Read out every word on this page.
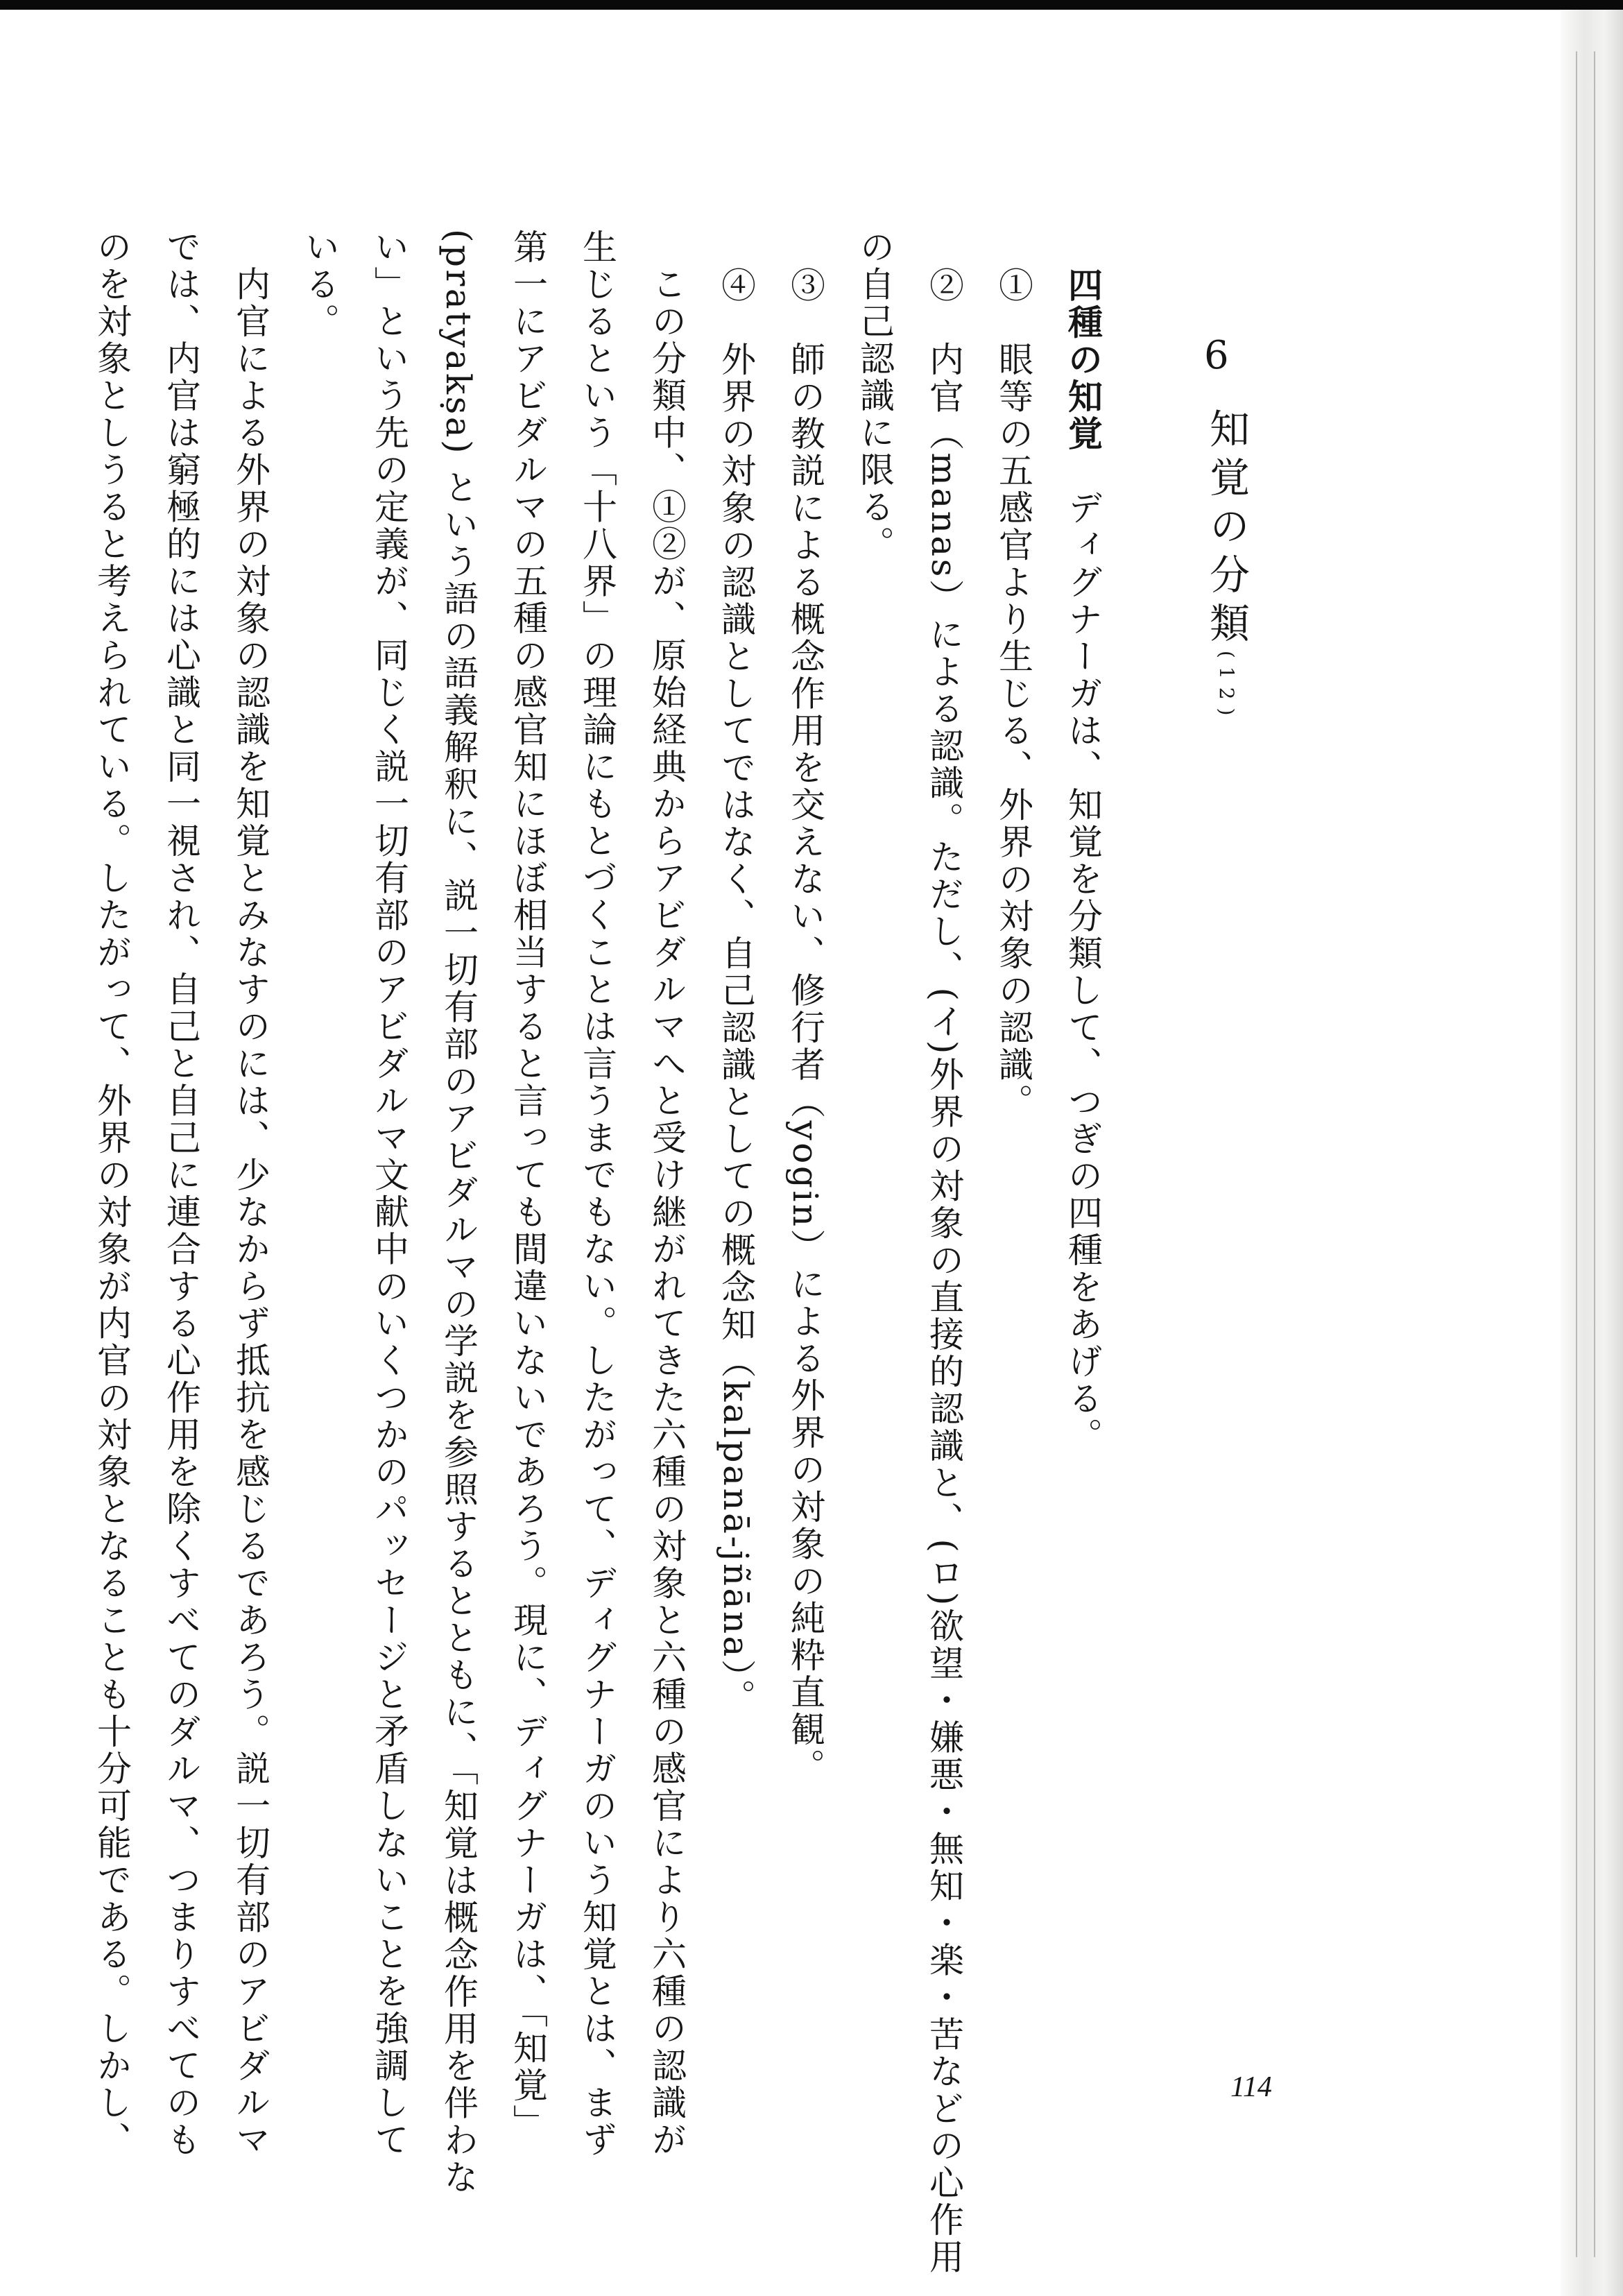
6
知覚の分類(12)
四種の知覚　ディグナーガは、知覚を分類して、つぎの四種をあげる。
①　眼等の五感官より生じる、外界の対象の認識。
②　内官（manas）による認識。ただし、(イ)外界の対象の直接的認識と、(ロ)欲望・嫌悪・無知・楽・苦などの心作用
の自己認識に限る。
③　師の教説による概念作用を交えない、修行者（yogin）による外界の対象の純粋直観。
④　外界の対象の認識としてではなく、自己認識としての概念知（kalpanā-jñāna）。
　この分類中、①②が、原始経典からアビダルマへと受け継がれてきた六種の対象と六種の感官により六種の認識が
生じるという「十八界」の理論にもとづくことは言うまでもない。したがって、ディグナーガのいう知覚とは、まず
第一にアビダルマの五種の感官知にほぼ相当すると言っても間違いないであろう。現に、ディグナーガは、「知覚」
(pratyakṣa) という語の語義解釈に、説一切有部のアビダルマの学説を参照するとともに、「知覚は概念作用を伴わな
い」という先の定義が、同じく説一切有部のアビダルマ文献中のいくつかのパッセージと矛盾しないことを強調して
いる。
　内官による外界の対象の認識を知覚とみなすのには、少なからず抵抗を感じるであろう。説一切有部のアビダルマ
では、内官は窮極的には心識と同一視され、自己と自己に連合する心作用を除くすべてのダルマ、つまりすべてのも
のを対象としうると考えられている。したがって、外界の対象が内官の対象となることも十分可能である。しかし、	114
